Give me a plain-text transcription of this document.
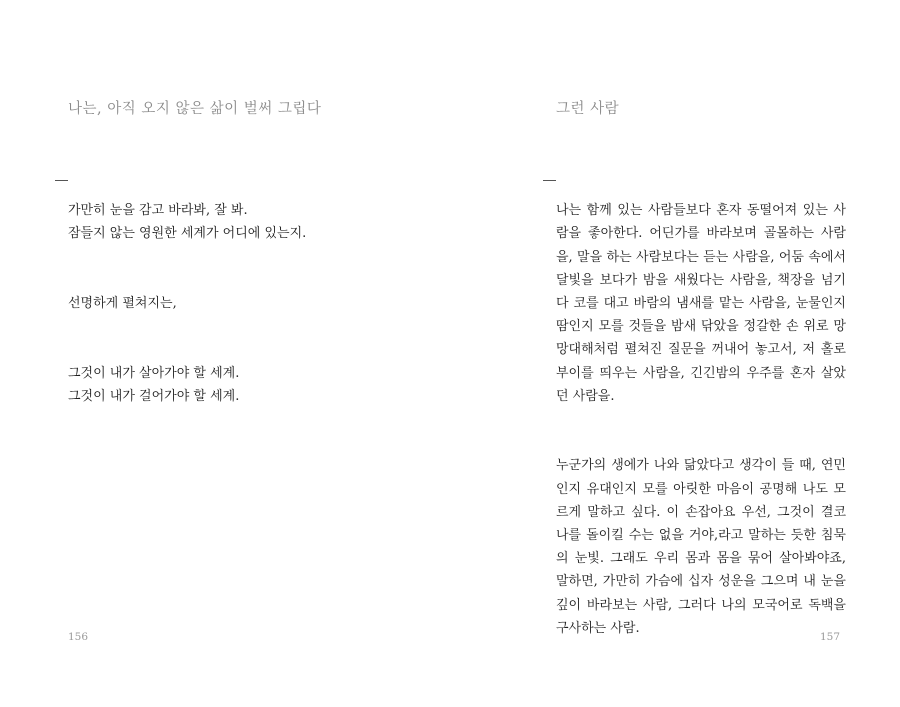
나는, 아직 오지 않은 삶이 벌써 그립다

가만히 눈을 감고 바라봐, 잘 봐.
잠들지 않는 영원한 세계가 어디에 있는지.

선명하게 펼쳐지는,

그것이 내가 살아가야 할 세계.
그것이 내가 걸어가야 할 세계.

156
그런 사람

나는 함께 있는 사람들보다 혼자 동떨어져 있는 사람을 좋아한다. 어딘가를 바라보며 골몰하는 사람을, 말을 하는 사람보다는 듣는 사람을, 어둠 속에서 달빛을 보다가 밤을 새웠다는 사람을, 책장을 넘기다 코를 대고 바람의 냄새를 맡는 사람을, 눈물인지 땀인지 모를 것들을 밤새 닦았을 정갈한 손 위로 망망대해처럼 펼쳐진 질문을 꺼내어 놓고서, 저 홀로 부이를 띄우는 사람을, 긴긴밤의 우주를 혼자 살았던 사람을.

누군가의 생에가 나와 닮았다고 생각이 들 때, 연민인지 유대인지 모를 아릿한 마음이 공명해 나도 모르게 말하고 싶다. 이 손잡아요 우선, 그것이 결코 나를 돌이킬 수는 없을 거야,라고 말하는 듯한 침묵의 눈빛. 그래도 우리 몸과 몸을 묶어 살아봐야죠, 말하면, 가만히 가슴에 십자 성운을 그으며 내 눈을 깊이 바라보는 사람, 그러다 나의 모국어로 독백을 구사하는 사람.

157
